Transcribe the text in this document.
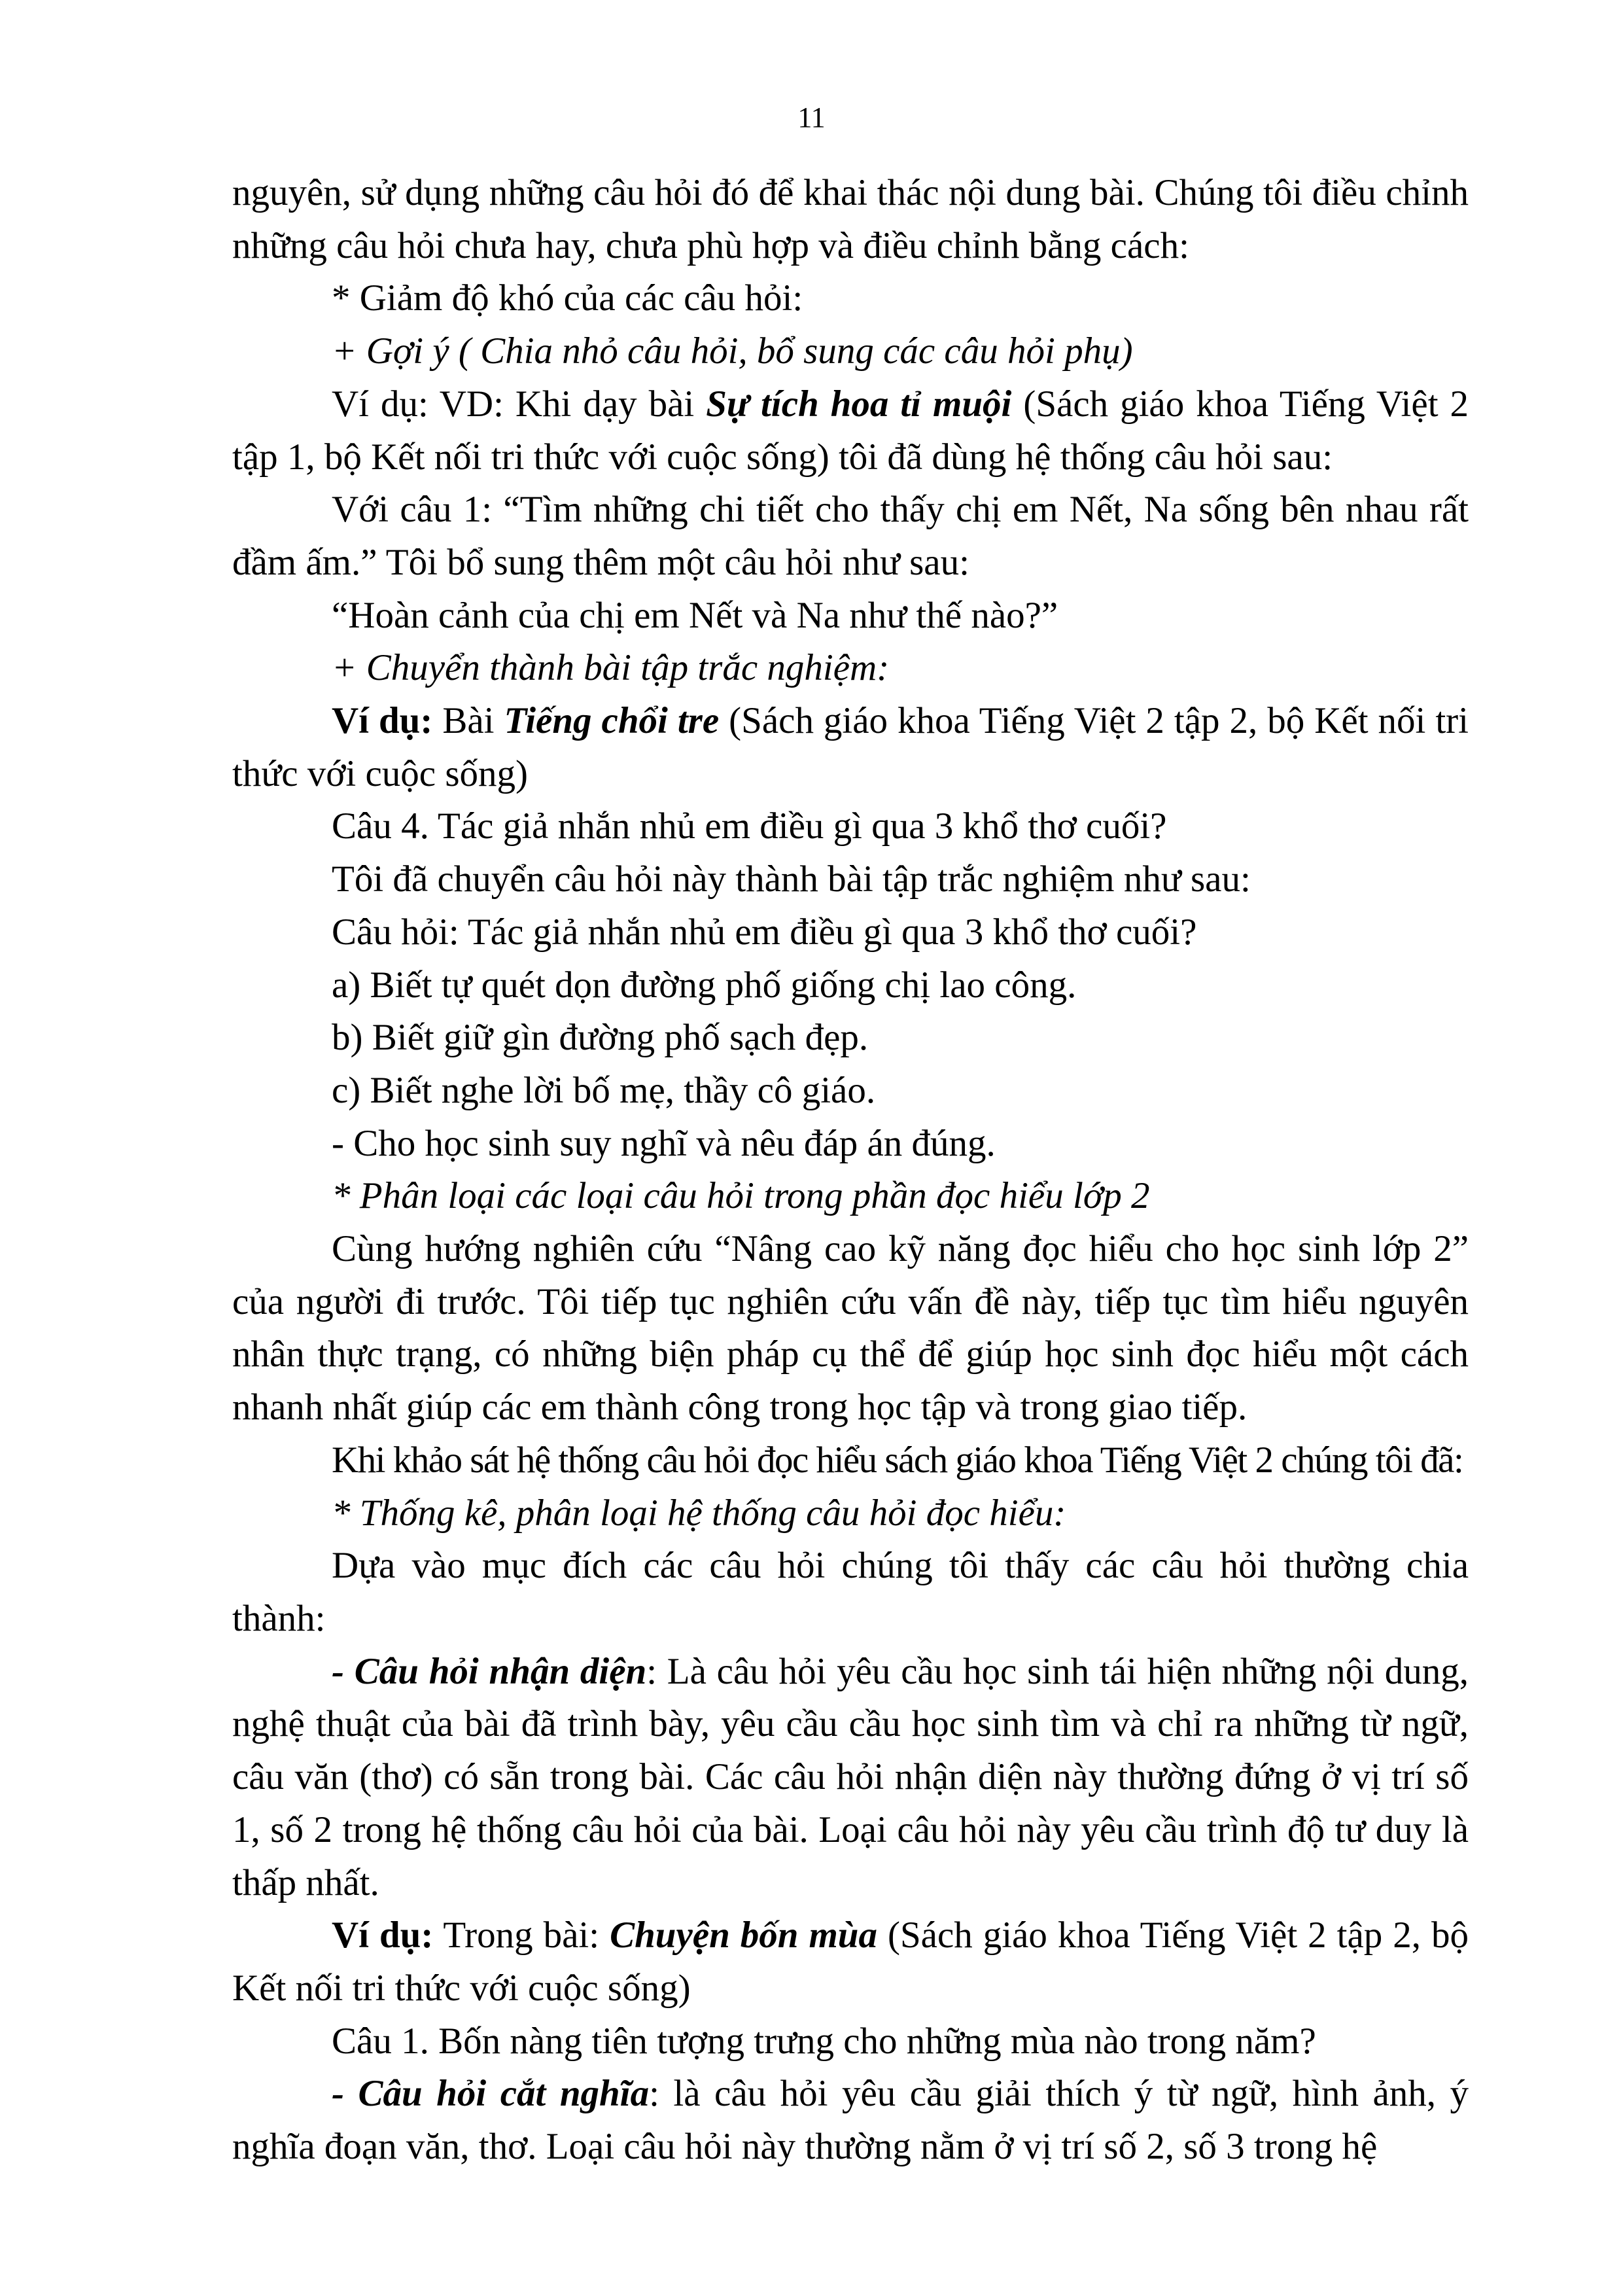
11

nguyên, sử dụng những câu hỏi đó để khai thác nội dung bài. Chúng tôi điều chỉnh những câu hỏi chưa hay, chưa phù hợp và điều chỉnh bằng cách:

* Giảm độ khó của các câu hỏi:

+ Gợi ý ( Chia nhỏ câu hỏi, bổ sung các câu hỏi phụ)

Ví dụ: VD: Khi dạy bài Sự tích hoa tỉ muội (Sách giáo khoa Tiếng Việt 2 tập 1, bộ Kết nối tri thức với cuộc sống) tôi đã dùng hệ thống câu hỏi sau:

Với câu 1: “Tìm những chi tiết cho thấy chị em Nết, Na sống bên nhau rất đầm ấm.” Tôi bổ sung thêm một câu hỏi như sau:

“Hoàn cảnh của chị em Nết và Na như thế nào?”

+ Chuyển thành bài tập trắc nghiệm:

Ví dụ: Bài Tiếng chổi tre (Sách giáo khoa Tiếng Việt 2 tập 2, bộ Kết nối tri thức với cuộc sống)

Câu 4. Tác giả nhắn nhủ em điều gì qua 3 khổ thơ cuối?

Tôi đã chuyển câu hỏi này thành bài tập trắc nghiệm như sau:

Câu hỏi: Tác giả nhắn nhủ em điều gì qua 3 khổ thơ cuối?

a) Biết tự quét dọn đường phố giống chị lao công.

b) Biết giữ gìn đường phố sạch đẹp.

c) Biết nghe lời bố mẹ, thầy cô giáo.

- Cho học sinh suy nghĩ và nêu đáp án đúng.

* Phân loại các loại câu hỏi trong phần đọc hiểu lớp 2

Cùng hướng nghiên cứu “Nâng cao kỹ năng đọc hiểu cho học sinh lớp 2” của người đi trước. Tôi tiếp tục nghiên cứu vấn đề này, tiếp tục tìm hiểu nguyên nhân thực trạng, có những biện pháp cụ thể để giúp học sinh đọc hiểu một cách nhanh nhất giúp các em thành công trong học tập và trong giao tiếp.

Khi khảo sát hệ thống câu hỏi đọc hiểu sách giáo khoa Tiếng Việt 2 chúng tôi đã:

* Thống kê, phân loại hệ thống câu hỏi đọc hiểu:

Dựa vào mục đích các câu hỏi chúng tôi thấy các câu hỏi thường chia thành:

- Câu hỏi nhận diện: Là câu hỏi yêu cầu học sinh tái hiện những nội dung, nghệ thuật của bài đã trình bày, yêu cầu cầu học sinh tìm và chỉ ra những từ ngữ, câu văn (thơ) có sẵn trong bài. Các câu hỏi nhận diện này thường đứng ở vị trí số 1, số 2 trong hệ thống câu hỏi của bài. Loại câu hỏi này yêu cầu trình độ tư duy là thấp nhất.

Ví dụ: Trong bài: Chuyện bốn mùa (Sách giáo khoa Tiếng Việt 2 tập 2, bộ Kết nối tri thức với cuộc sống)

Câu 1. Bốn nàng tiên tượng trưng cho những mùa nào trong năm?

- Câu hỏi cắt nghĩa: là câu hỏi yêu cầu giải thích ý từ ngữ, hình ảnh, ý nghĩa đoạn văn, thơ. Loại câu hỏi này thường nằm ở vị trí số 2, số 3 trong hệ
